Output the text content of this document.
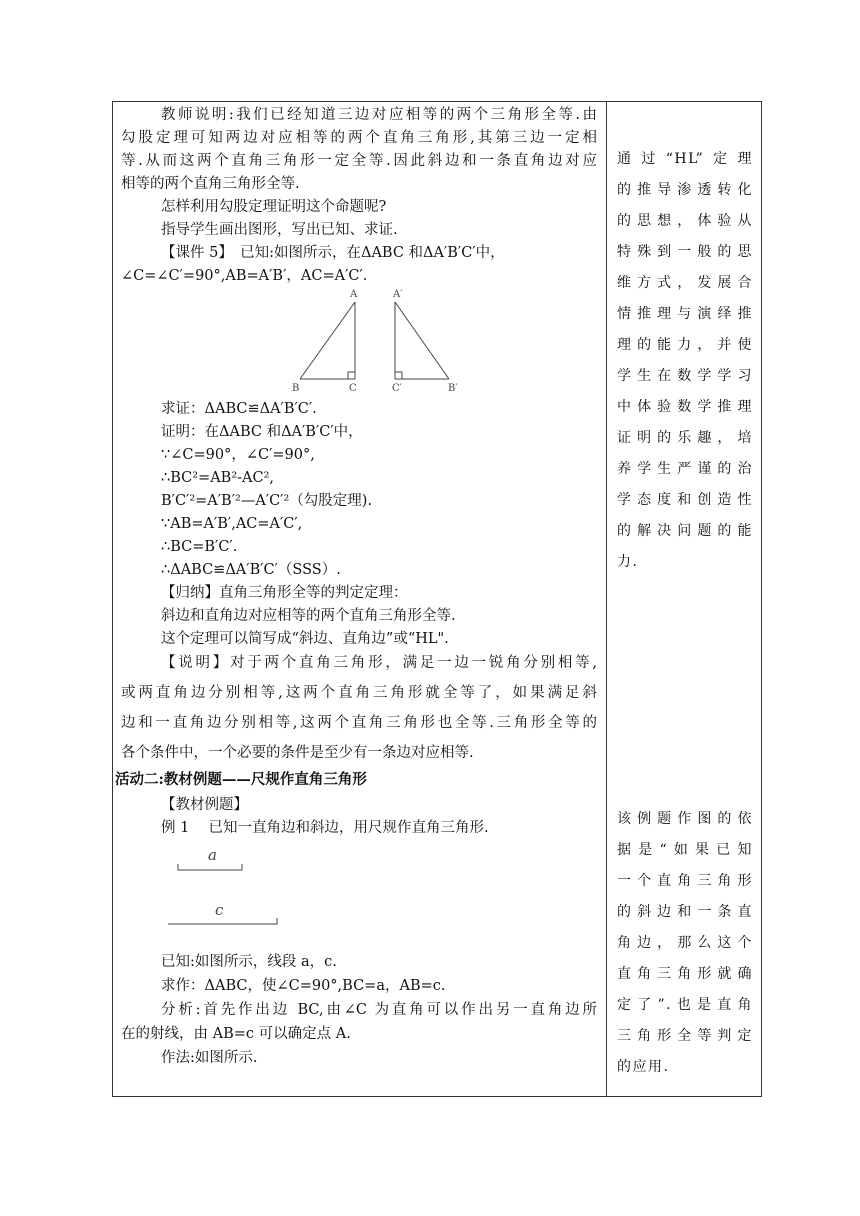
教师说明:我们已经知道三边对应相等的两个三角形全等.由
勾股定理可知两边对应相等的两个直角三角形,其第三边一定相
等.从而这两个直角三角形一定全等.因此斜边和一条直角边对应
相等的两个直角三角形全等.
怎样利用勾股定理证明这个命题呢?
指导学生画出图形，写出已知、求证.
【课件 5】　已知:如图所示，在ΔABC 和ΔA′B′C′中，
∠C=∠C′=90°,AB=A′B′，AC=A′C′.
A
B	C
A′
C′	B′
求证：ΔABC≌ΔA′B′C′.
证明：在ΔABC 和ΔA′B′C′中，
∵∠C=90°，∠C′=90°,
∴BC²=AB²-AC²,
B′C′²=A′B′²—A′C′²（勾股定理).
∵AB=A′B′,AC=A′C′,
∴BC=B′C′.
∴ΔABC≌ΔA′B′C′（SSS）.
【归纳】直角三角形全等的判定定理：
斜边和直角边对应相等的两个直角三角形全等.
这个定理可以简写成“斜边、直角边”或“HL".
【说明】对于两个直角三角形，满足一边一锐角分别相等,
或两直角边分别相等,这两个直角三角形就全等了，如果满足斜
边和一直角边分别相等,这两个直角三角形也全等.三角形全等的
各个条件中，一个必要的条件是至少有一条边对应相等.
活动二:教材例题——尺规作直角三角形
【教材例题】
例 1　 已知一直角边和斜边，用尺规作直角三角形.
a
c
已知:如图所示，线段 a，c.
求作：ΔABC，使∠C=90°,BC=a，AB=c.
分析:首先作出边 BC,由∠C 为直角可以作出另一直角边所
在的射线，由 AB=c 可以确定点 A.
作法:如图所示.
通过“HL”定理
的推导渗透转化
的思想，体验从
特殊到一般的思
维方式，发展合
情推理与演绎推
理的能力，并使
学生在数学学习
中体验数学推理
证明的乐趣，培
养学生严谨的治
学态度和创造性
的解决问题的能
力.
该例题作图的依
据是“如果已知
一个直角三角形
的斜边和一条直
角边，那么这个
直角三角形就确
定了”.也是直角
三角形全等判定
的应用.
